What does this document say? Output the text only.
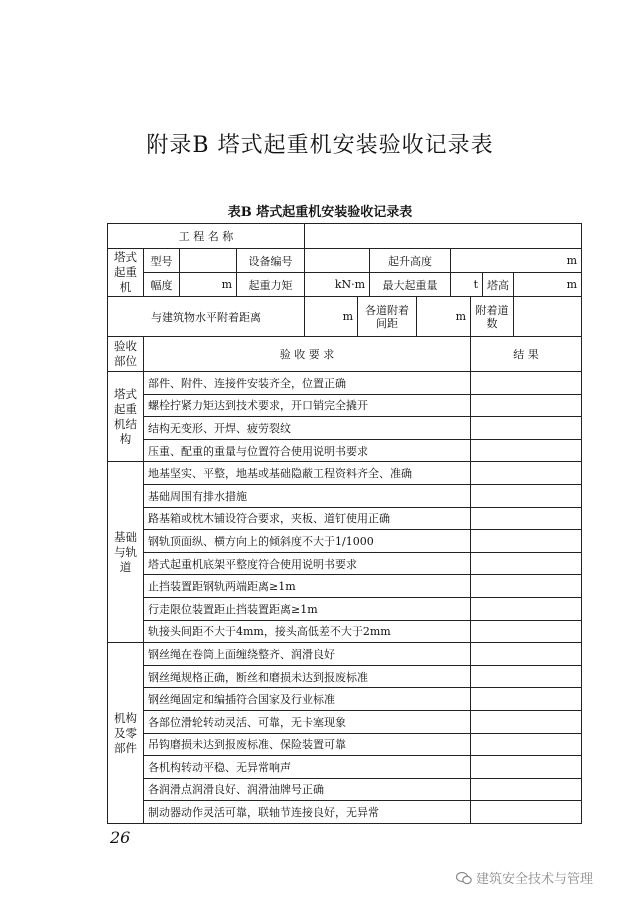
附录B 塔式起重机安装验收记录表
表B 塔式起重机安装验收记录表
工 程 名 称											
塔式起重机	型号		设备编号			起升高度		m			
	幅度	m	起重力矩	kN·m		最大起重量		t		塔高	m
与建筑物水平附着距离				m	各道附着间距		m		附着道数		
验收部位	验 收 要 求								结 果		
塔式起重机结构	部件、附件、连接件安装齐全，位置正确										
	螺栓拧紧力矩达到技术要求，开口销完全撬开										
	结构无变形、开焊、疲劳裂纹										
	压重、配重的重量与位置符合使用说明书要求										
基础与轨道	地基坚实、平整，地基或基础隐蔽工程资料齐全、准确										
	基础周围有排水措施										
	路基箱或枕木铺设符合要求，夹板、道钉使用正确										
	钢轨顶面纵、横方向上的倾斜度不大于1/1000										
	塔式起重机底架平整度符合使用说明书要求										
	止挡装置距钢轨两端距离≥1m										
	行走限位装置距止挡装置距离≥1m										
	轨接头间距不大于4mm，接头高低差不大于2mm										
机构及零部件	钢丝绳在卷筒上面缠绕整齐、润滑良好										
	钢丝绳规格正确，断丝和磨损未达到报废标准										
	钢丝绳固定和编插符合国家及行业标准										
	各部位滑轮转动灵活、可靠，无卡塞现象										
	吊钩磨损未达到报废标准、保险装置可靠										
	各机构转动平稳、无异常响声										
	各润滑点润滑良好、润滑油牌号正确										
	制动器动作灵活可靠，联轴节连接良好，无异常										
26
建筑安全技术与管理
